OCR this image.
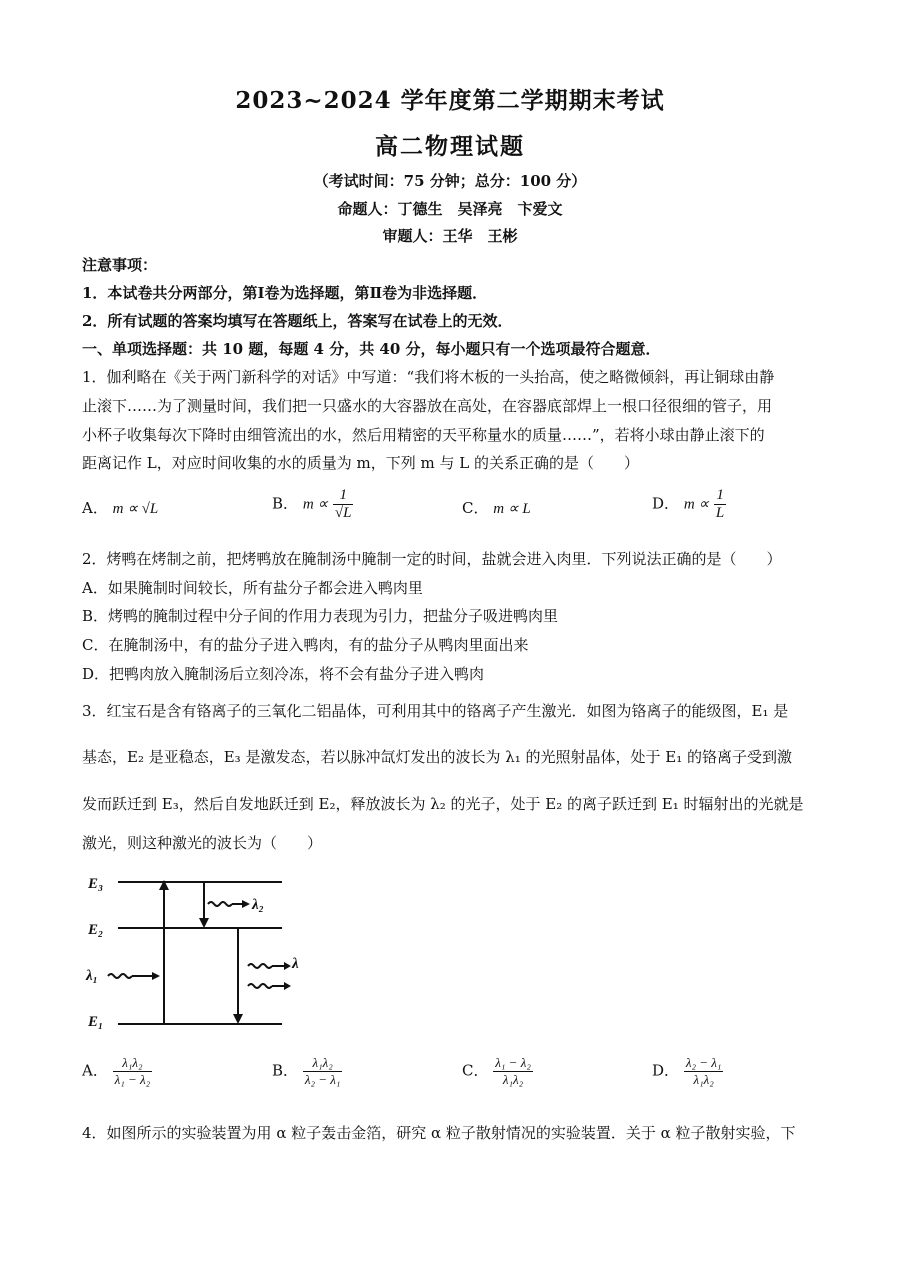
2023~2024 学年度第二学期期末考试
高二物理试题
（考试时间：75 分钟；总分：100 分）
命题人：丁德生　吴泽亮　卞爱文
审题人：王华　王彬
注意事项：
1．本试卷共分两部分，第Ⅰ卷为选择题，第Ⅱ卷为非选择题．
2．所有试题的答案均填写在答题纸上，答案写在试卷上的无效．
一、单项选择题：共 10 题，每题 4 分，共 40 分，每小题只有一个选项最符合题意．
1．伽利略在《关于两门新科学的对话》中写道：“我们将木板的一头抬高，使之略微倾斜，再让铜球由静
止滚下……为了测量时间，我们把一只盛水的大容器放在高处，在容器底部焊上一根口径很细的管子，用
小杯子收集每次下降时由细管流出的水，然后用精密的天平称量水的质量……”，若将小球由静止滚下的
距离记作 L，对应时间收集的水的质量为 m，下列 m 与 L 的关系正确的是（　　）
A． m ∝ √L	B． $m \propto \frac{1}{√L}$	C． m ∝ L	D． $m \propto \frac{1}{L}$
2．烤鸭在烤制之前，把烤鸭放在腌制汤中腌制一定的时间，盐就会进入肉里．下列说法正确的是（　　）
A．如果腌制时间较长，所有盐分子都会进入鸭肉里
B．烤鸭的腌制过程中分子间的作用力表现为引力，把盐分子吸进鸭肉里
C．在腌制汤中，有的盐分子进入鸭肉，有的盐分子从鸭肉里面出来
D．把鸭肉放入腌制汤后立刻冷冻，将不会有盐分子进入鸭肉
3．红宝石是含有铬离子的三氧化二铝晶体，可利用其中的铬离子产生激光．如图为铬离子的能级图，E₁ 是
基态，E₂ 是亚稳态，E₃ 是激发态，若以脉冲氙灯发出的波长为 λ₁ 的光照射晶体，处于 E₁ 的铬离子受到激
发而跃迁到 E₃，然后自发地跃迁到 E₂，释放波长为 λ₂ 的光子，处于 E₂ 的离子跃迁到 E₁ 时辐射出的光就是
激光，则这种激光的波长为（　　）
E₃
E₂
E₁
λ₁
λ₂
λ
A． $\frac{\text{λ₁λ₂}}{\text{λ₁ − λ₂}}$	B． $\frac{\text{λ₁λ₂}}{\text{λ₂ − λ₁}}$	C． $\frac{\text{λ₁ − λ₂}}{\text{λ₁λ₂}}$	D． $\frac{\text{λ₂ − λ₁}}{\text{λ₁λ₂}}$
4．如图所示的实验装置为用 α 粒子轰击金箔，研究 α 粒子散射情况的实验装置．关于 α 粒子散射实验，下
